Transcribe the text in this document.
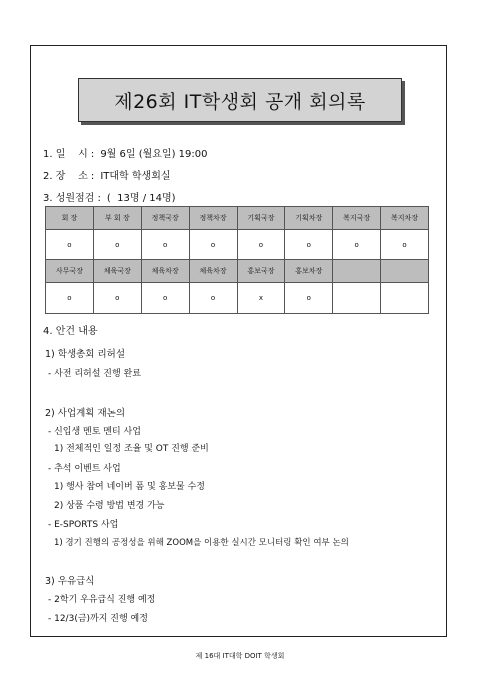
제26회 IT학생회 공개 회의록
1. 일    시 : 9월 6일 (월요일) 19:00
2. 장    소 : IT대학 학생회실
3. 성원점검 : (  13명 / 14명)
회 장	부 회 장	정책국장	정책차장	기획국장	기획차장	복지국장	복지차장
o	o	o	o	o	o	o	o
사무국장	체육국장	체육차장	체육차장	홍보국장	홍보차장		
o	o	o	o	x	o		
4. 안건 내용
1) 학생총회 리허설
- 사전 리허설 진행 완료
2) 사업계획 재논의
- 신입생 멘토 멘티 사업
1) 전체적인 일정 조율 및 OT 진행 준비
- 추석 이벤트 사업
1) 행사 참여 네이버 폼 및 홍보물 수정
2) 상품 수령 방법 변경 가능
- E-SPORTS 사업
1) 경기 진행의 공정성을 위해 ZOOM을 이용한 실시간 모니터링 확인 여부 논의
3) 우유급식
- 2학기 우유급식 진행 예정
- 12/3(금)까지 진행 예정
제 16대 IT대학 DOIT 학생회
